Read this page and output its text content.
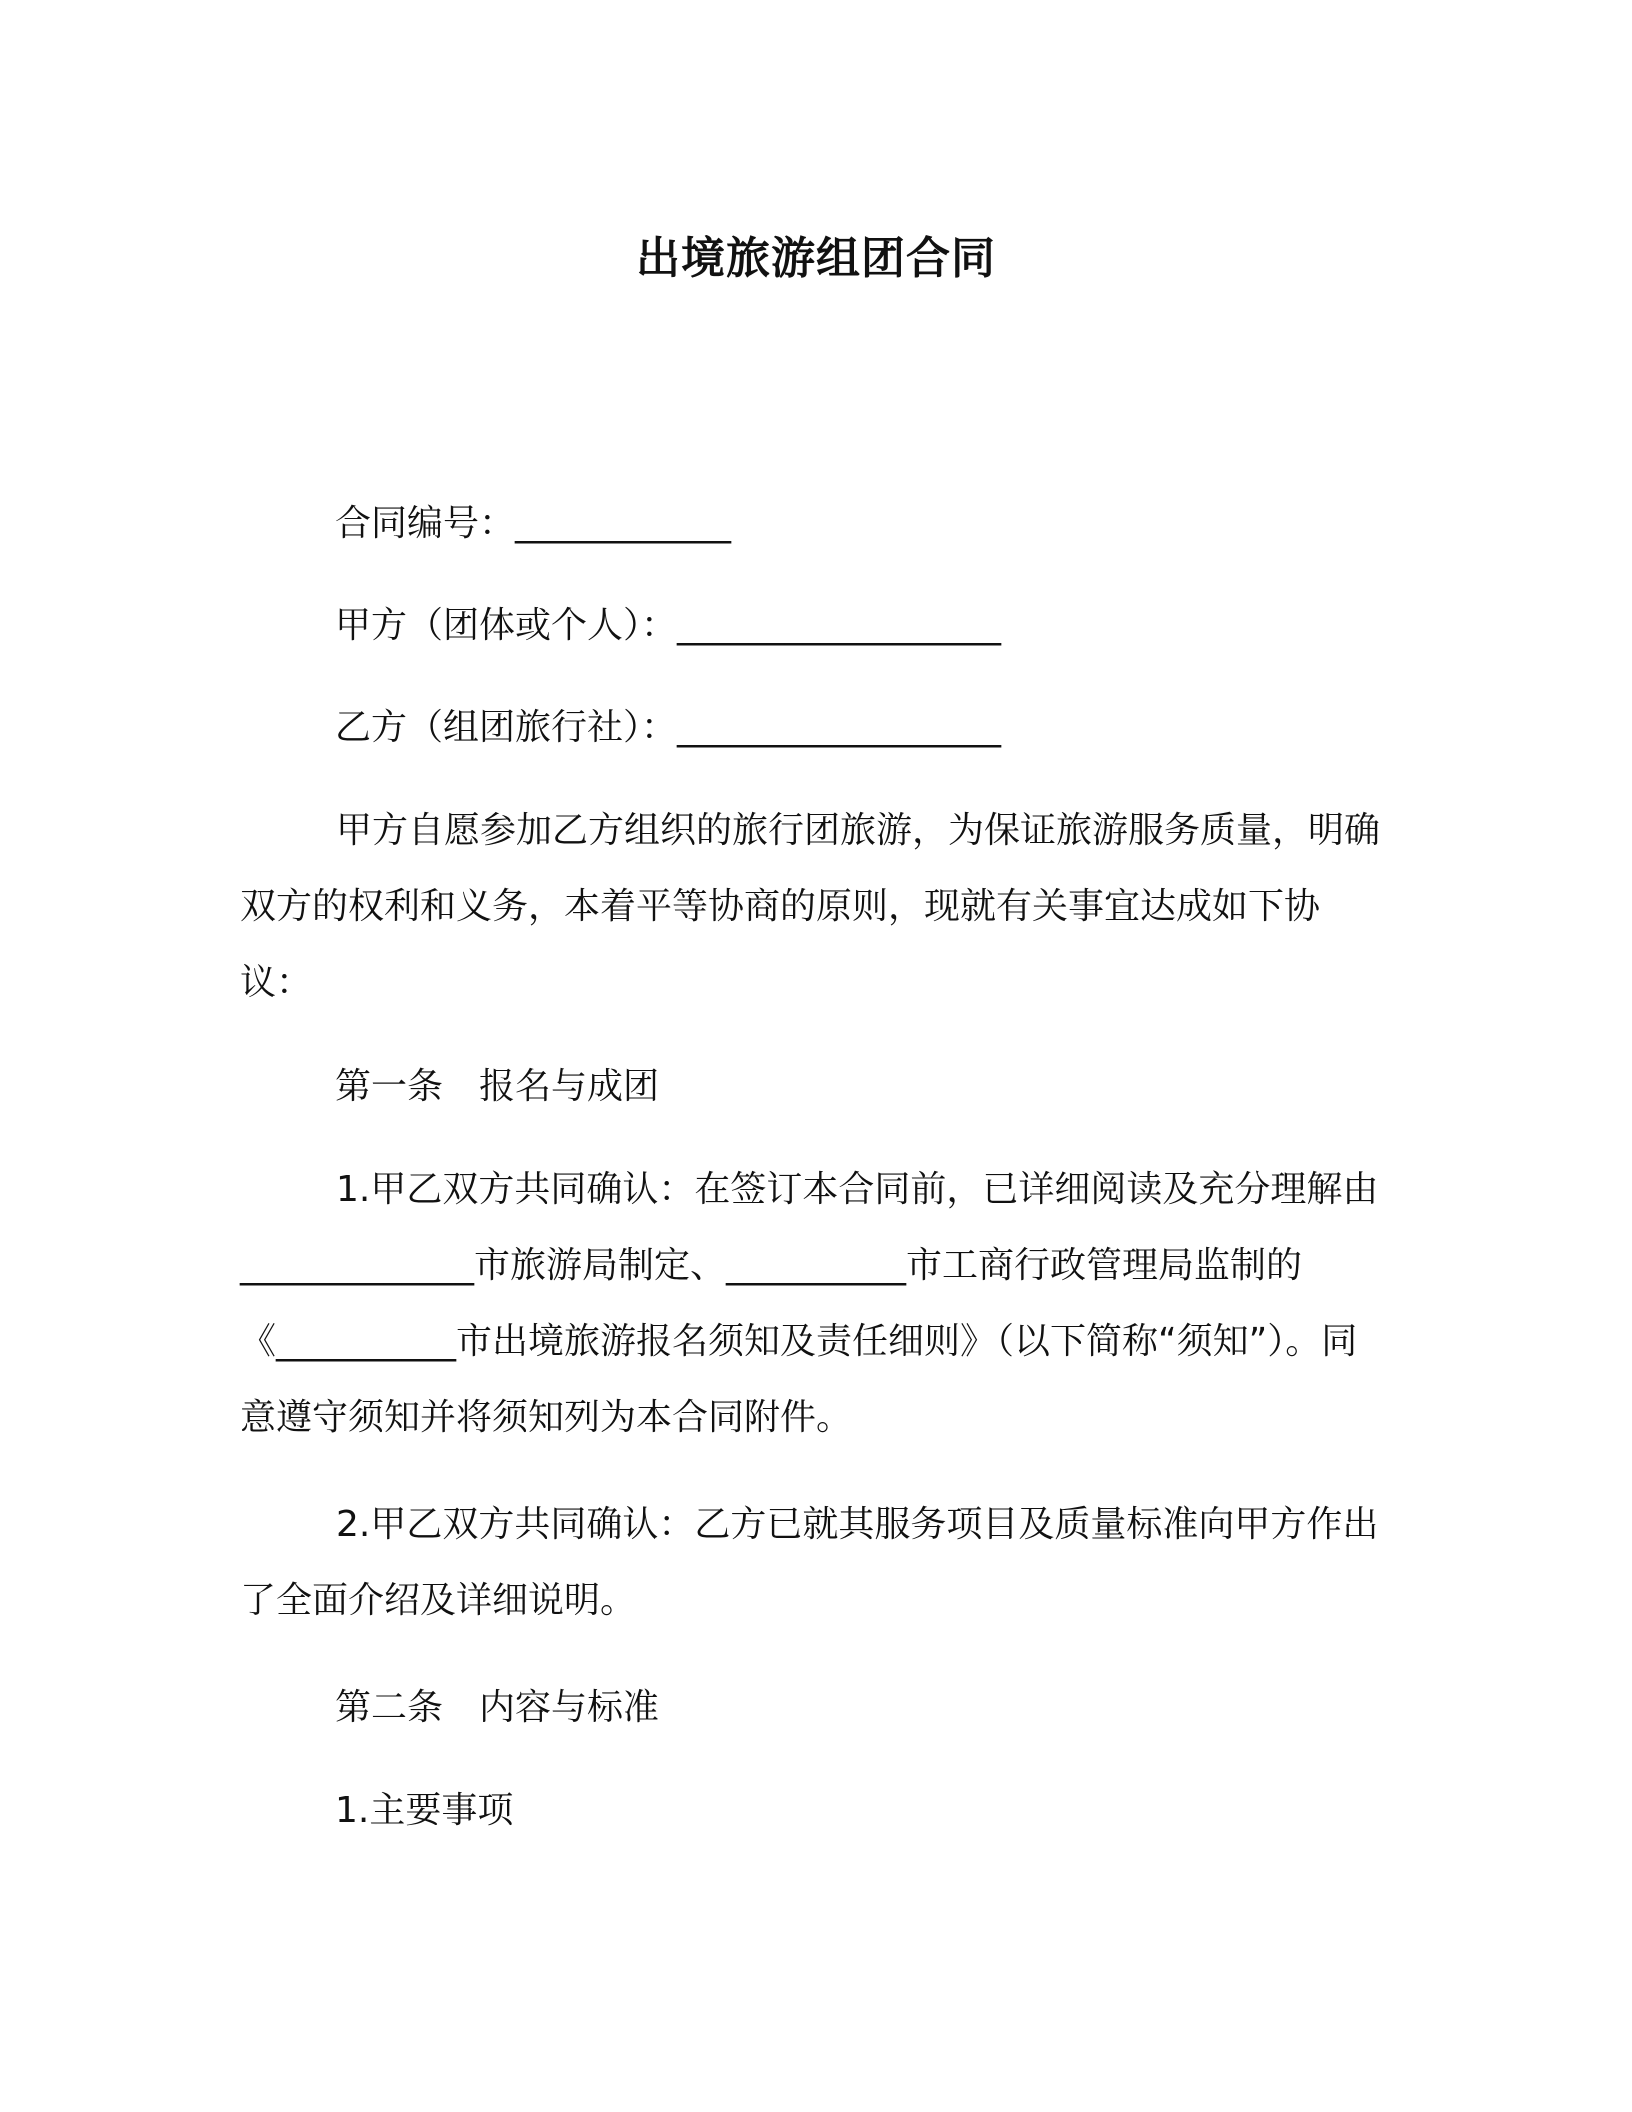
出境旅游组团合同
合同编号：____________
甲方（团体或个人）：__________________
乙方（组团旅行社）：__________________

甲方自愿参加乙方组织的旅行团旅游，为保证旅游服务质量，明确双方的权利和义务，本着平等协商的原则，现就有关事宜达成如下协议：

第一条　报名与成团

1.甲乙双方共同确认：在签订本合同前，已详细阅读及充分理解由_____________市旅游局制定、__________市工商行政管理局监制的《__________市出境旅游报名须知及责任细则》（以下简称“须知”）。同意遵守须知并将须知列为本合同附件。

2.甲乙双方共同确认：乙方已就其服务项目及质量标准向甲方作出了全面介绍及详细说明。

第二条　内容与标准
1.主要事项
